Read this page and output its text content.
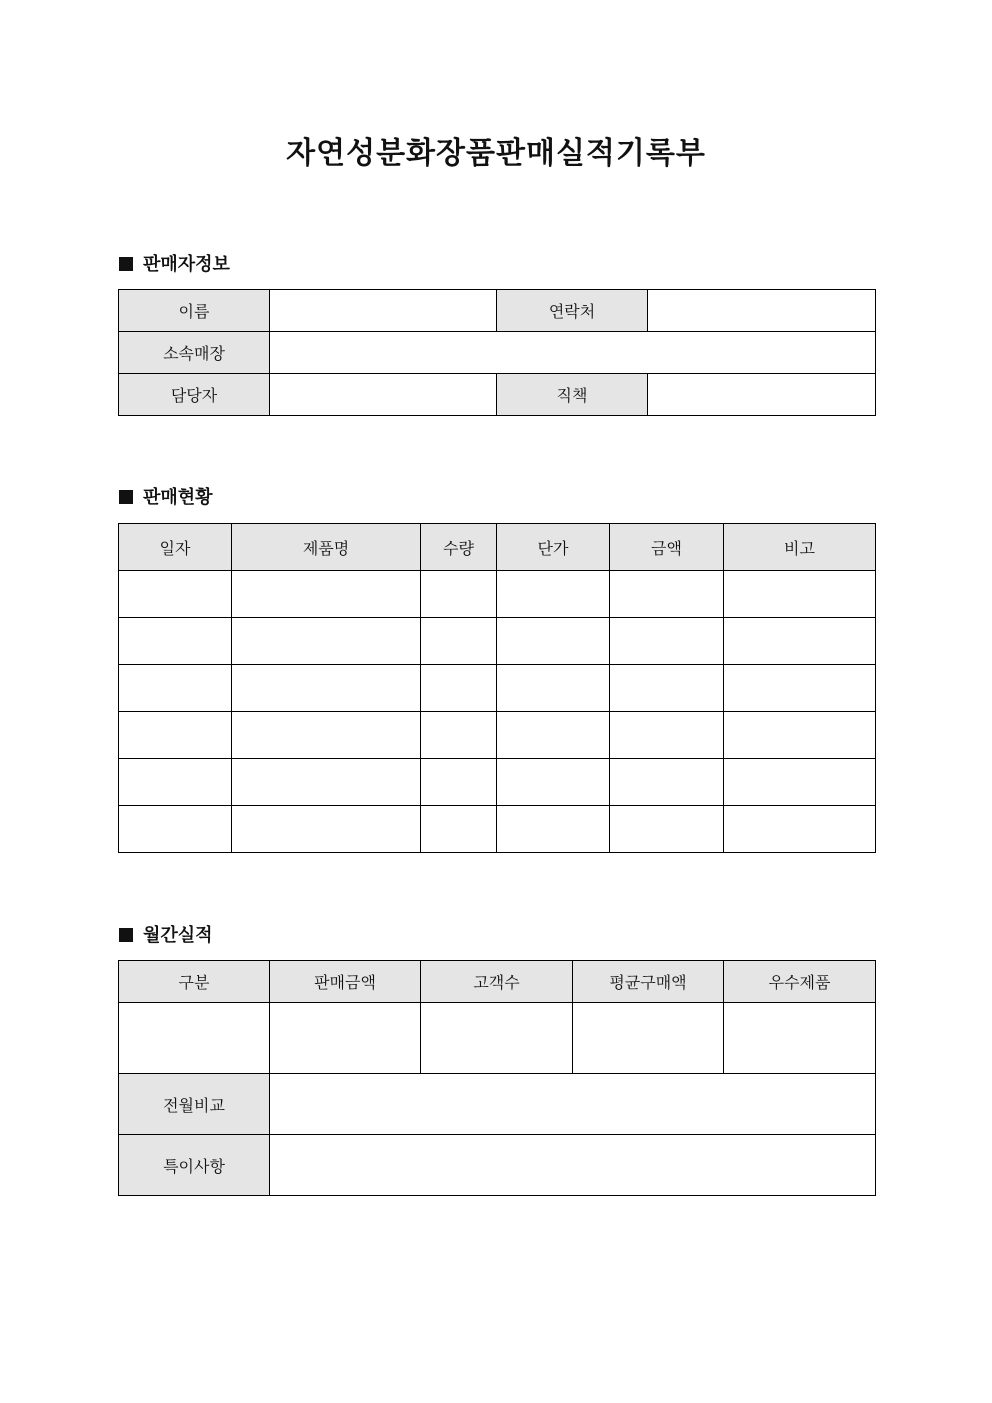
자연성분화장품판매실적기록부
판매자정보
이름		연락처	
소속매장			
담당자		직책	
판매현황
일자	제품명	수량	단가	금액	비고

월간실적
구분	판매금액	고객수	평균구매액	우수제품

전월비교				
특이사항				
